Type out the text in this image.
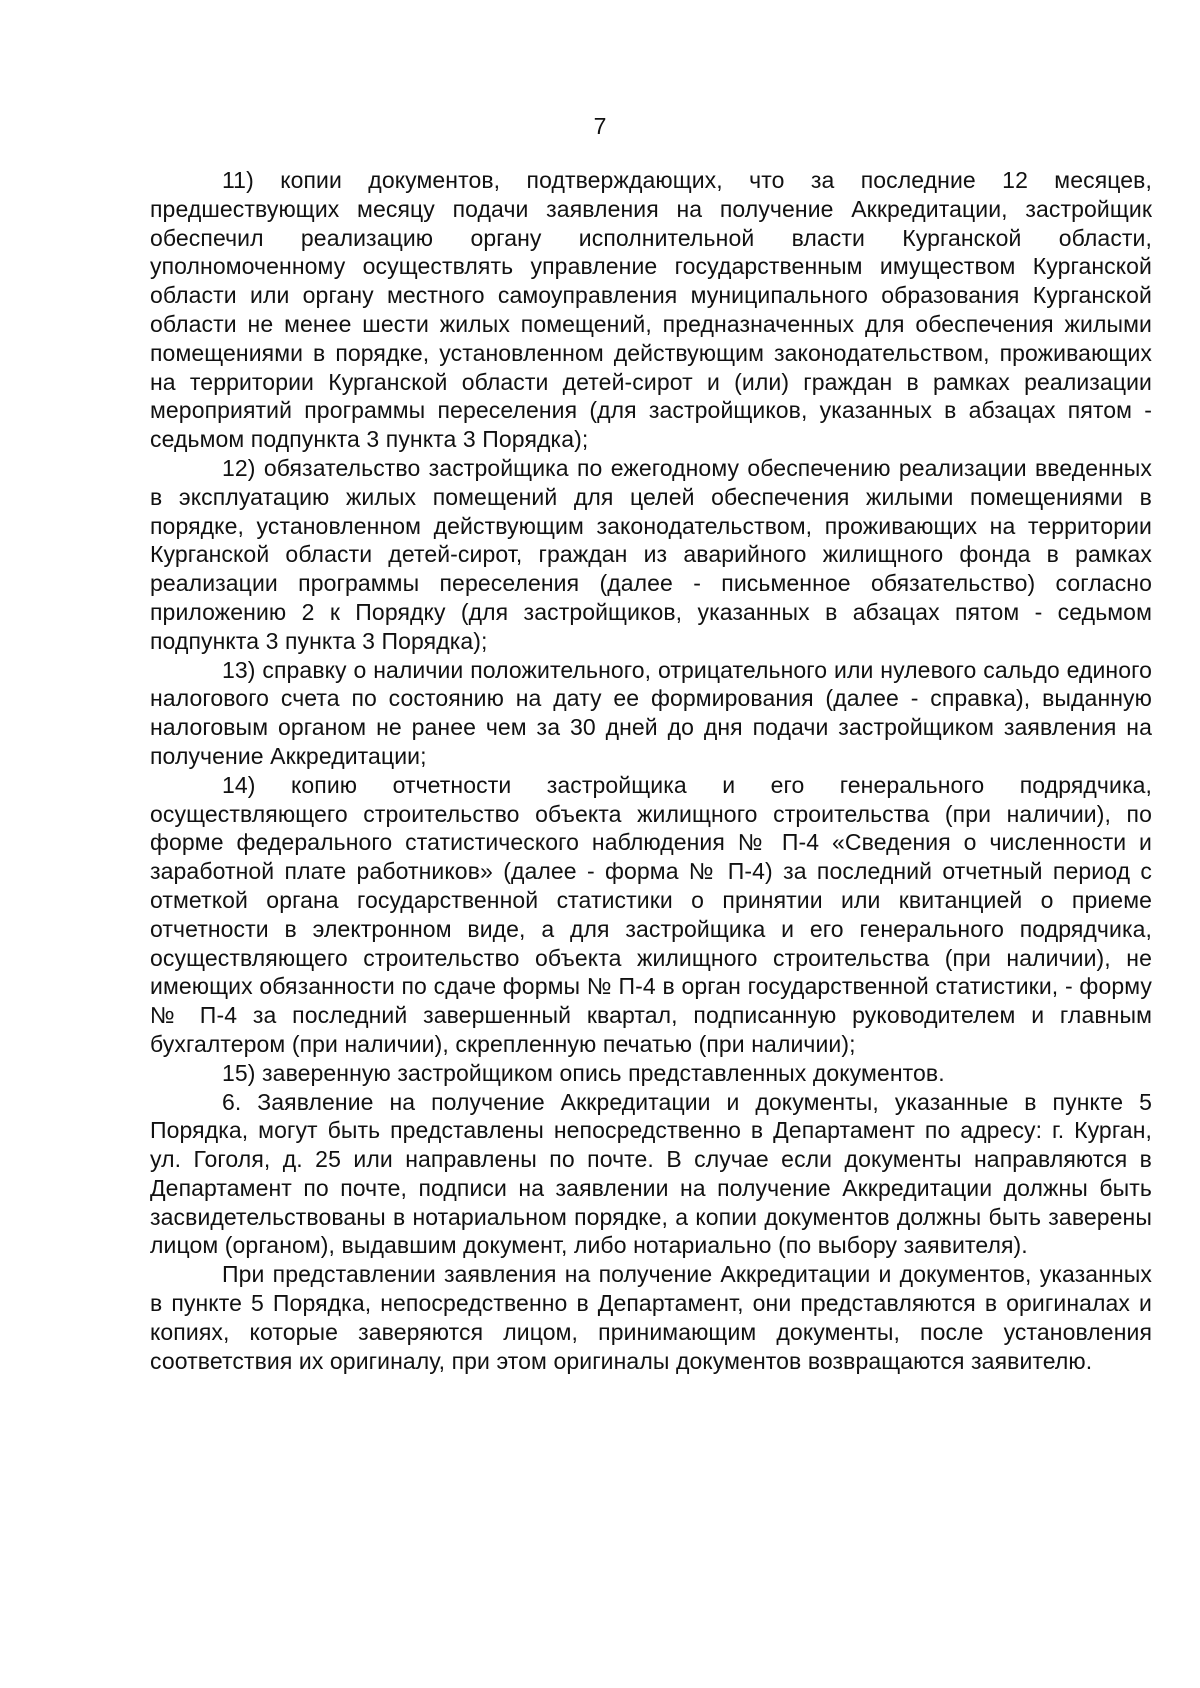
7

11) копии документов, подтверждающих, что за последние 12 месяцев, предшествующих месяцу подачи заявления на получение Аккредитации, застройщик обеспечил реализацию органу исполнительной власти Курганской области, уполномоченному осуществлять управление государственным имуществом Курганской области или органу местного самоуправления муниципального образования Курганской области не менее шести жилых помещений, предназначенных для обеспечения жилыми помещениями в порядке, установленном действующим законодательством, проживающих на территории Курганской области детей-сирот и (или) граждан в рамках реализации мероприятий программы переселения (для застройщиков, указанных в абзацах пятом - седьмом подпункта 3 пункта 3 Порядка);

12) обязательство застройщика по ежегодному обеспечению реализации введенных в эксплуатацию жилых помещений для целей обеспечения жилыми помещениями в порядке, установленном действующим законодательством, проживающих на территории Курганской области детей-сирот, граждан из аварийного жилищного фонда в рамках реализации программы переселения (далее - письменное обязательство) согласно приложению 2 к Порядку (для застройщиков, указанных в абзацах пятом - седьмом подпункта 3 пункта 3 Порядка);

13) справку о наличии положительного, отрицательного или нулевого сальдо единого налогового счета по состоянию на дату ее формирования (далее - справка), выданную налоговым органом не ранее чем за 30 дней до дня подачи застройщиком заявления на получение Аккредитации;

14) копию отчетности застройщика и его генерального подрядчика, осуществляющего строительство объекта жилищного строительства (при наличии), по форме федерального статистического наблюдения № П-4 «Сведения о численности и заработной плате работников» (далее - форма № П-4) за последний отчетный период с отметкой органа государственной статистики о принятии или квитанцией о приеме отчетности в электронном виде, а для застройщика и его генерального подрядчика, осуществляющего строительство объекта жилищного строительства (при наличии), не имеющих обязанности по сдаче формы № П-4 в орган государственной статистики, - форму № П-4 за последний завершенный квартал, подписанную руководителем и главным бухгалтером (при наличии), скрепленную печатью (при наличии);

15) заверенную застройщиком опись представленных документов.

6. Заявление на получение Аккредитации и документы, указанные в пункте 5 Порядка, могут быть представлены непосредственно в Департамент по адресу: г. Курган, ул. Гоголя, д. 25 или направлены по почте. В случае если документы направляются в Департамент по почте, подписи на заявлении на получение Аккредитации должны быть засвидетельствованы в нотариальном порядке, а копии документов должны быть заверены лицом (органом), выдавшим документ, либо нотариально (по выбору заявителя).

При представлении заявления на получение Аккредитации и документов, указанных в пункте 5 Порядка, непосредственно в Департамент, они представляются в оригиналах и копиях, которые заверяются лицом, принимающим документы, после установления соответствия их оригиналу, при этом оригиналы документов возвращаются заявителю.
